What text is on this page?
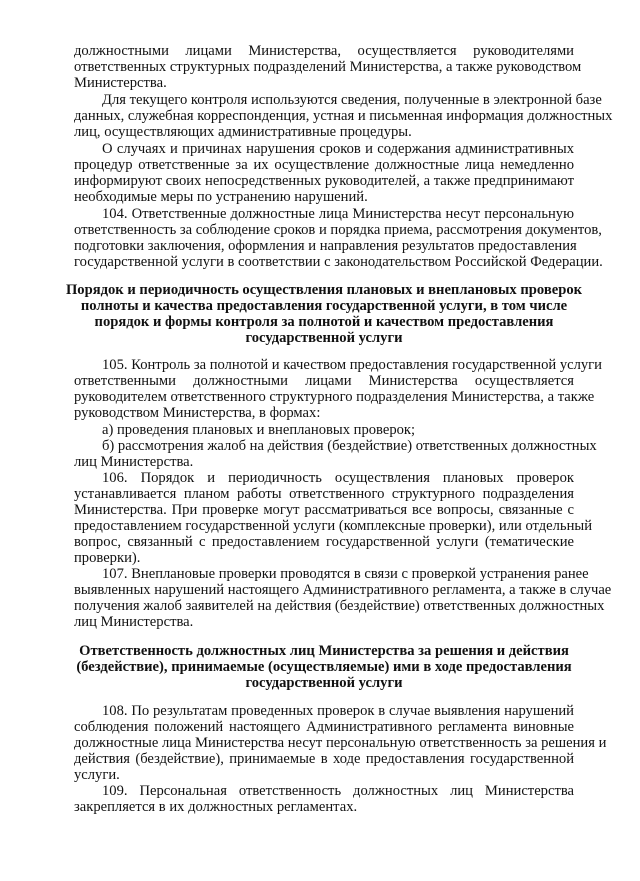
должностными лицами Министерства, осуществляется руководителями
ответственных структурных подразделений Министерства, а также руководством
Министерства.
Для текущего контроля используются сведения, полученные в электронной базе
данных, служебная корреспонденция, устная и письменная информация должностных
лиц, осуществляющих административные процедуры.
О случаях и причинах нарушения сроков и содержания административных
процедур ответственные за их осуществление должностные лица немедленно
информируют своих непосредственных руководителей, а также предпринимают
необходимые меры по устранению нарушений.
104. Ответственные должностные лица Министерства несут персональную
ответственность за соблюдение сроков и порядка приема, рассмотрения документов,
подготовки заключения, оформления и направления результатов предоставления
государственной услуги в соответствии с законодательством Российской Федерации.
Порядок и периодичность осуществления плановых и внеплановых проверок
полноты и качества предоставления государственной услуги, в том числе
порядок и формы контроля за полнотой и качеством предоставления
государственной услуги
105. Контроль за полнотой и качеством предоставления государственной услуги
ответственными должностными лицами Министерства осуществляется
руководителем ответственного структурного подразделения Министерства, а также
руководством Министерства, в формах:
а) проведения плановых и внеплановых проверок;
б) рассмотрения жалоб на действия (бездействие) ответственных должностных
лиц Министерства.
106. Порядок и периодичность осуществления плановых проверок
устанавливается планом работы ответственного структурного подразделения
Министерства. При проверке могут рассматриваться все вопросы, связанные с
предоставлением государственной услуги (комплексные проверки), или отдельный
вопрос, связанный с предоставлением государственной услуги (тематические
проверки).
107. Внеплановые проверки проводятся в связи с проверкой устранения ранее
выявленных нарушений настоящего Административного регламента, а также в случае
получения жалоб заявителей на действия (бездействие) ответственных должностных
лиц Министерства.
Ответственность должностных лиц Министерства за решения и действия
(бездействие), принимаемые (осуществляемые) ими в ходе предоставления
государственной услуги
108. По результатам проведенных проверок в случае выявления нарушений
соблюдения положений настоящего Административного регламента виновные
должностные лица Министерства несут персональную ответственность за решения и
действия (бездействие), принимаемые в ходе предоставления государственной
услуги.
109. Персональная ответственность должностных лиц Министерства
закрепляется в их должностных регламентах.
